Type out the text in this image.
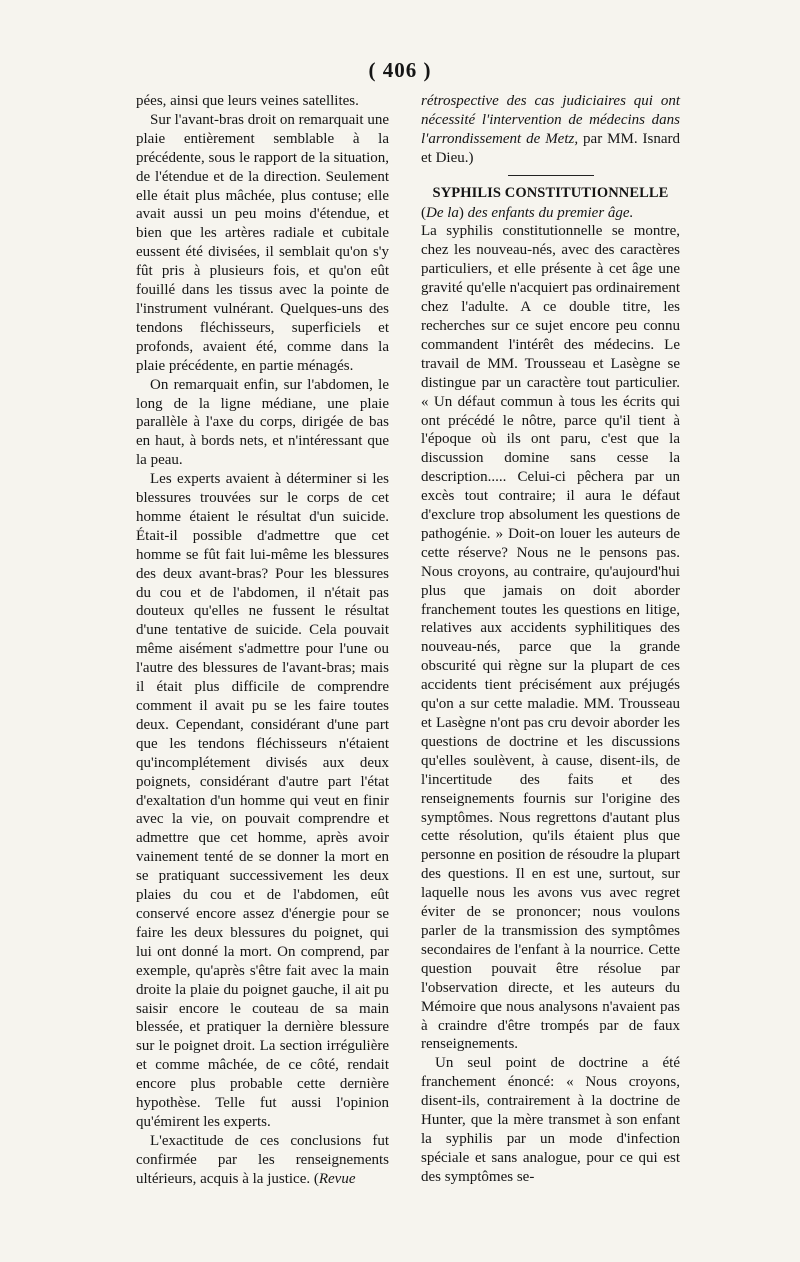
( 406 )

pées, ainsi que leurs veines satellites.

Sur l'avant-bras droit on remarquait une plaie entièrement semblable à la précédente, sous le rapport de la situation, de l'étendue et de la direction. Seulement elle était plus mâchée, plus contuse; elle avait aussi un peu moins d'étendue, et bien que les artères radiale et cubitale eussent été divisées, il semblait qu'on s'y fût pris à plusieurs fois, et qu'on eût fouillé dans les tissus avec la pointe de l'instrument vulnérant. Quelques-uns des tendons fléchisseurs, superficiels et profonds, avaient été, comme dans la plaie précédente, en partie ménagés.

On remarquait enfin, sur l'abdomen, le long de la ligne médiane, une plaie parallèle à l'axe du corps, dirigée de bas en haut, à bords nets, et n'intéressant que la peau.

Les experts avaient à déterminer si les blessures trouvées sur le corps de cet homme étaient le résultat d'un suicide. Était-il possible d'admettre que cet homme se fût fait lui-même les blessures des deux avant-bras? Pour les blessures du cou et de l'abdomen, il n'était pas douteux qu'elles ne fussent le résultat d'une tentative de suicide. Cela pouvait même aisément s'admettre pour l'une ou l'autre des blessures de l'avant-bras; mais il était plus difficile de comprendre comment il avait pu se les faire toutes deux. Cependant, considérant d'une part que les tendons fléchisseurs n'étaient qu'incomplétement divisés aux deux poignets, considérant d'autre part l'état d'exaltation d'un homme qui veut en finir avec la vie, on pouvait comprendre et admettre que cet homme, après avoir vainement tenté de se donner la mort en se pratiquant successivement les deux plaies du cou et de l'abdomen, eût conservé encore assez d'énergie pour se faire les deux blessures du poignet, qui lui ont donné la mort. On comprend, par exemple, qu'après s'être fait avec la main droite la plaie du poignet gauche, il ait pu saisir encore le couteau de sa main blessée, et pratiquer la dernière blessure sur le poignet droit. La section irrégulière et comme mâchée, de ce côté, rendait encore plus probable cette dernière hypothèse. Telle fut aussi l'opinion qu'émirent les experts.

L'exactitude de ces conclusions fut confirmée par les renseignements ultérieurs, acquis à la justice. (Revue

rétrospective des cas judiciaires qui ont nécessité l'intervention de médecins dans l'arrondissement de Metz, par MM. Isnard et Dieu.)

SYPHILIS CONSTITUTIONNELLE

(De la) des enfants du premier âge.

La syphilis constitutionnelle se montre, chez les nouveau-nés, avec des caractères particuliers, et elle présente à cet âge une gravité qu'elle n'acquiert pas ordinairement chez l'adulte. A ce double titre, les recherches sur ce sujet encore peu connu commandent l'intérêt des médecins. Le travail de MM. Trousseau et Lasègne se distingue par un caractère tout particulier. « Un défaut commun à tous les écrits qui ont précédé le nôtre, parce qu'il tient à l'époque où ils ont paru, c'est que la discussion domine sans cesse la description..... Celui-ci pêchera par un excès tout contraire; il aura le défaut d'exclure trop absolument les questions de pathogénie. » Doit-on louer les auteurs de cette réserve? Nous ne le pensons pas. Nous croyons, au contraire, qu'aujourd'hui plus que jamais on doit aborder franchement toutes les questions en litige, relatives aux accidents syphilitiques des nouveau-nés, parce que la grande obscurité qui règne sur la plupart de ces accidents tient précisément aux préjugés qu'on a sur cette maladie. MM. Trousseau et Lasègne n'ont pas cru devoir aborder les questions de doctrine et les discussions qu'elles soulèvent, à cause, disent-ils, de l'incertitude des faits et des renseignements fournis sur l'origine des symptômes. Nous regrettons d'autant plus cette résolution, qu'ils étaient plus que personne en position de résoudre la plupart des questions. Il en est une, surtout, sur laquelle nous les avons vus avec regret éviter de se prononcer; nous voulons parler de la transmission des symptômes secondaires de l'enfant à la nourrice. Cette question pouvait être résolue par l'observation directe, et les auteurs du Mémoire que nous analysons n'avaient pas à craindre d'être trompés par de faux renseignements.

Un seul point de doctrine a été franchement énoncé: « Nous croyons, disent-ils, contrairement à la doctrine de Hunter, que la mère transmet à son enfant la syphilis par un mode d'infection spéciale et sans analogue, pour ce qui est des symptômes se-
